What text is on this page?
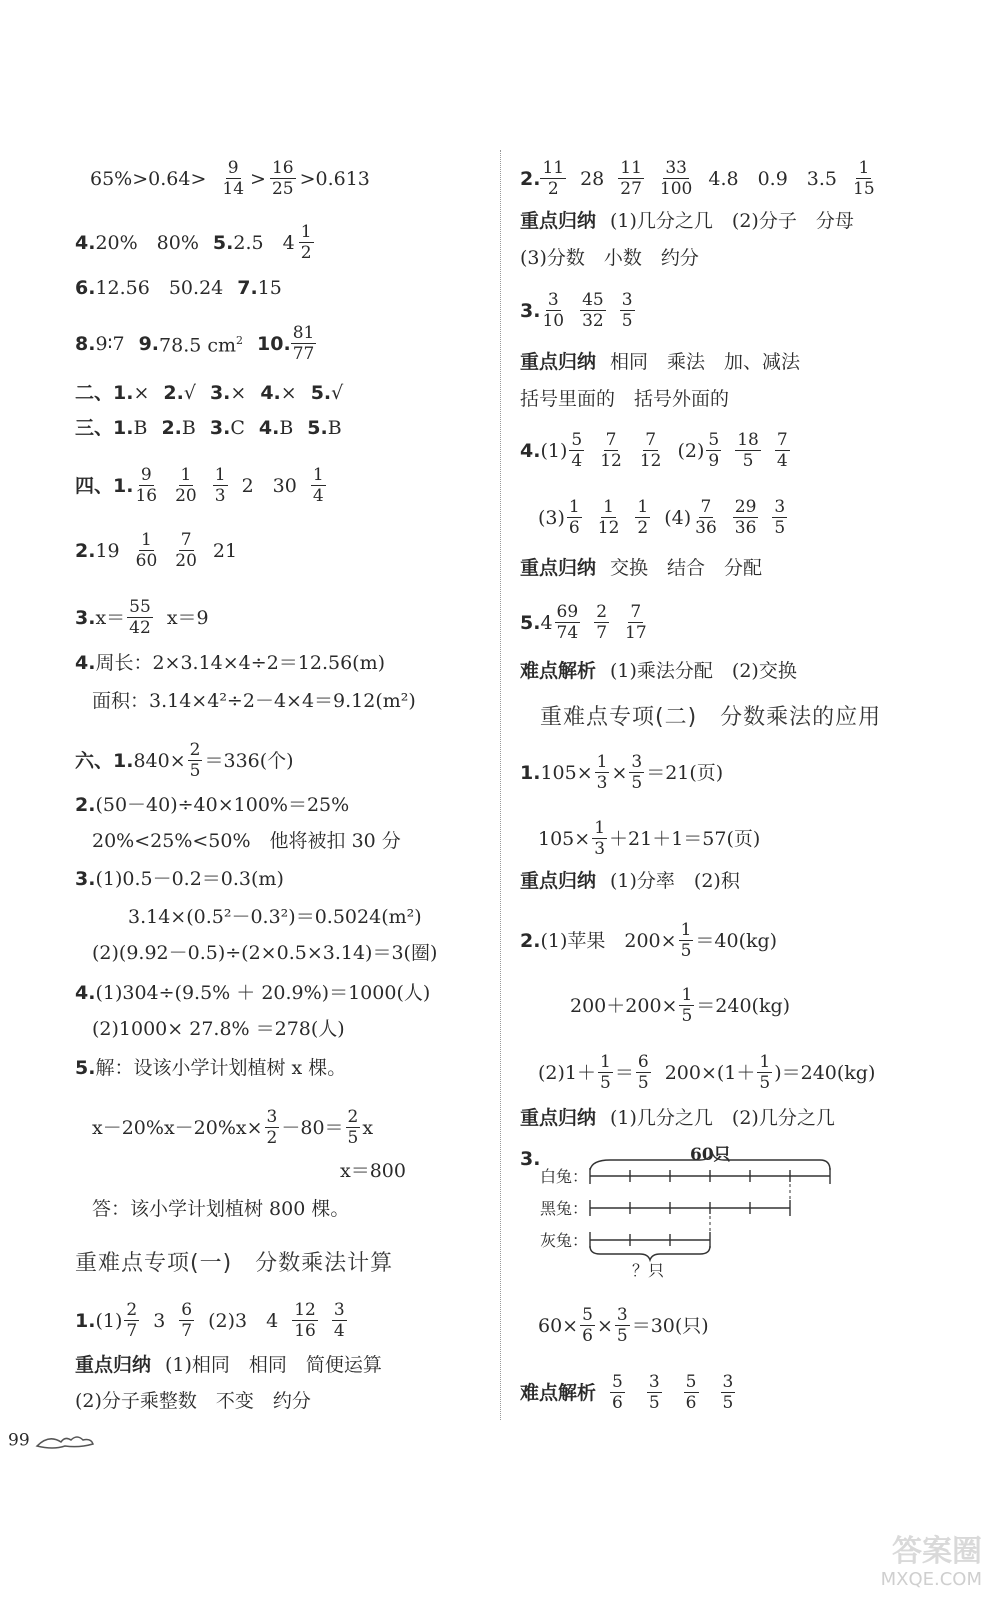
$65\%>0.64> \frac{9}{14} > \frac{16}{25} >0.613$
4. 20%　80% 5. 2.5　$4 \frac{1}{2}$
6. 12.56　50.24 7. 15
8. 9∶7 9. 78.5 $cm^2$ 10. $\frac{81}{77}$
二、 1. × 2. √ 3. × 4. × 5. √
三、 1. B 2. B 3. C 4. B 5. B
四、 1. $\frac{9}{16} \frac{1}{20} \frac{1}{3} 2$　$30 \frac{1}{4}$
2. $19 \frac{1}{60} \frac{7}{20} 21$
3. $x= \frac{55}{42} x=9$
4. 周长：2×3.14×4÷2＝12.56(m)
面积：3.14×4²÷2－4×4＝9.12(m²)
六、 1. $840\times \frac{2}{5} =336$(个)
2. (50－40)÷40×100%＝25%
20%<25%<50%　他将被扣 30 分
3. (1)0.5－0.2＝0.3(m)
3.14×(0.5²－0.3²)＝0.5024(m²)
(2)(9.92－0.5)÷(2×0.5×3.14)＝3(圈)
4. (1)304÷(9.5% ＋ 20.9%)＝1000(人)
(2)1000× 27.8% ＝278(人)
5. 解：设该小学计划植树 x 棵。
$x-20\%x-20\%x\times \frac{3}{2} -80= \frac{2}{5}$ x
x＝800
答：该小学计划植树 800 棵。
重难点专项(一)　分数乘法计算
1. $(1) \frac{2}{7} 3 \frac{6}{7} (2)3$　$4 \frac{12}{16} \frac{3}{4}$
重点归纳 (1)相同　相同　简便运算
(2)分子乘整数　不变　约分
99
2. $\frac{11}{2} 28 \frac{11}{27} \frac{33}{100} 4.8$　0.9　$3.5 \frac{1}{15}$
重点归纳 (1)几分之几　(2)分子　分母
(3)分数　小数　约分
3. $\frac{3}{10} \frac{45}{32} \frac{3}{5}$
重点归纳 相同　乘法　加、减法
括号里面的　括号外面的
4. $(1) \frac{5}{4} \frac{7}{12} \frac{7}{12} (2) \frac{5}{9} \frac{18}{5} \frac{7}{4}$
$(3) \frac{1}{6} \frac{1}{12} \frac{1}{2} (4) \frac{7}{36} \frac{29}{36} \frac{3}{5}$
重点归纳 交换　结合　分配
5. $4 \frac{69}{74} \frac{2}{7} \frac{7}{17}$
难点解析 (1)乘法分配　(2)交换
重难点专项(二)　分数乘法的应用
1. $105\times \frac{1}{3} \times \frac{3}{5} =21$(页)
$105\times \frac{1}{3} +21+1=57$(页)
重点归纳 (1)分率　(2)积
2. (1)苹果　$200\times \frac{1}{5} =40(kg)$
$200+200\times \frac{1}{5} =240(kg)$
$(2)1+ \frac{1}{5} = \frac{6}{5} 200\times(1+ \frac{1}{5} )=240(kg)$
重点归纳 (1)几分之几　(2)几分之几
3.	60只
白兔：
黑兔：
灰兔：
？只
$60\times \frac{5}{6} \times \frac{3}{5} =30$(只)
难点解析 $\frac{5}{6} \frac{3}{5} \frac{5}{6} \frac{3}{5}$
答案圈
MXQE.COM
